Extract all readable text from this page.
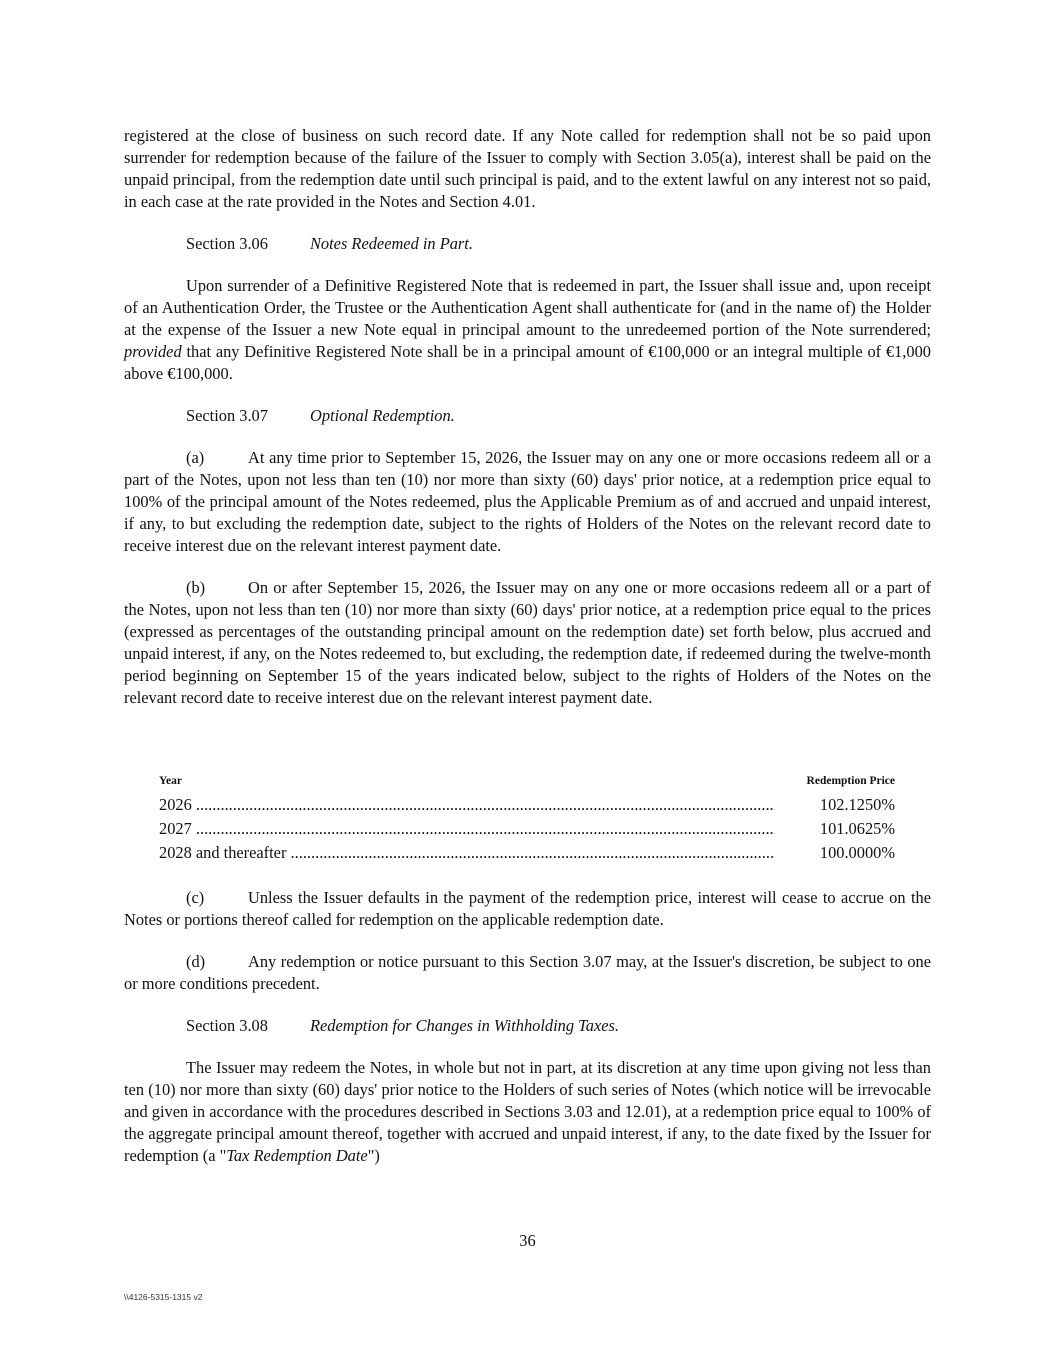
registered at the close of business on such record date. If any Note called for redemption shall not be so paid upon surrender for redemption because of the failure of the Issuer to comply with Section 3.05(a), interest shall be paid on the unpaid principal, from the redemption date until such principal is paid, and to the extent lawful on any interest not so paid, in each case at the rate provided in the Notes and Section 4.01.

Section 3.06	Notes Redeemed in Part.

Upon surrender of a Definitive Registered Note that is redeemed in part, the Issuer shall issue and, upon receipt of an Authentication Order, the Trustee or the Authentication Agent shall authenticate for (and in the name of) the Holder at the expense of the Issuer a new Note equal in principal amount to the unredeemed portion of the Note surrendered; provided that any Definitive Registered Note shall be in a principal amount of €100,000 or an integral multiple of €1,000 above €100,000.

Section 3.07	Optional Redemption.

(a)	At any time prior to September 15, 2026, the Issuer may on any one or more occasions redeem all or a part of the Notes, upon not less than ten (10) nor more than sixty (60) days' prior notice, at a redemption price equal to 100% of the principal amount of the Notes redeemed, plus the Applicable Premium as of and accrued and unpaid interest, if any, to but excluding the redemption date, subject to the rights of Holders of the Notes on the relevant record date to receive interest due on the relevant interest payment date.

(b)	On or after September 15, 2026, the Issuer may on any one or more occasions redeem all or a part of the Notes, upon not less than ten (10) nor more than sixty (60) days' prior notice, at a redemption price equal to the prices (expressed as percentages of the outstanding principal amount on the redemption date) set forth below, plus accrued and unpaid interest, if any, on the Notes redeemed to, but excluding, the redemption date, if redeemed during the twelve-month period beginning on September 15 of the years indicated below, subject to the rights of Holders of the Notes on the relevant record date to receive interest due on the relevant interest payment date.

Year	Redemption Price
2026 .....	102.1250%
2027 .....	101.0625%
2028 and thereafter .....	100.0000%

(c)	Unless the Issuer defaults in the payment of the redemption price, interest will cease to accrue on the Notes or portions thereof called for redemption on the applicable redemption date.

(d)	Any redemption or notice pursuant to this Section 3.07 may, at the Issuer's discretion, be subject to one or more conditions precedent.

Section 3.08	Redemption for Changes in Withholding Taxes.

The Issuer may redeem the Notes, in whole but not in part, at its discretion at any time upon giving not less than ten (10) nor more than sixty (60) days' prior notice to the Holders of such series of Notes (which notice will be irrevocable and given in accordance with the procedures described in Sections 3.03 and 12.01), at a redemption price equal to 100% of the aggregate principal amount thereof, together with accrued and unpaid interest, if any, to the date fixed by the Issuer for redemption (a "Tax Redemption Date")

36
\\4126-5315-1315 v2
